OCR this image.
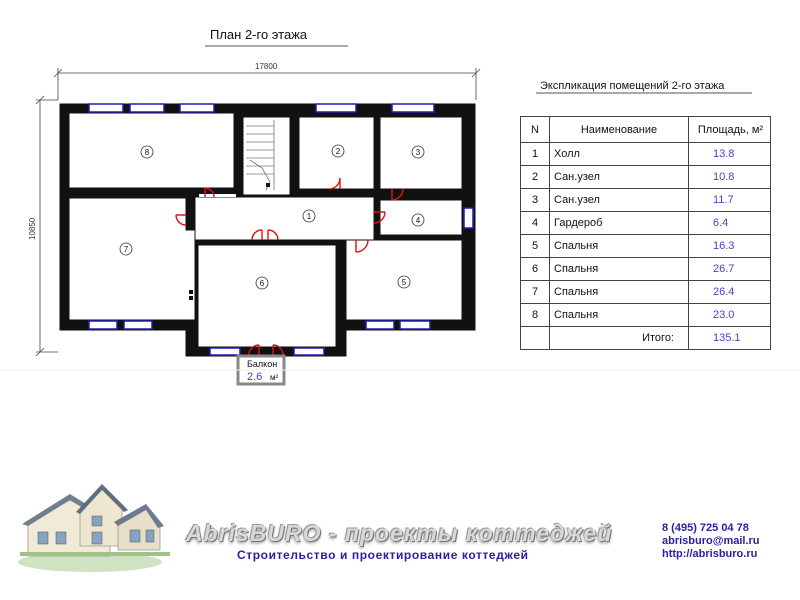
17800
10850
Балкон
2.6 м²
8	2	3
1	4
7
6	5
План 2-го этажа
Экспликация помещений 2-го этажа
N	Наименование	Площадь, м²
1	Холл	13.8
2	Сан.узел	10.8
3	Сан.узел	11.7
4	Гардероб	6.4
5	Спальня	16.3
6	Спальня	26.7
7	Спальня	26.4
8	Спальня	23.0
	Итого:	135.1
AbrisBURO - проекты коттеджей
Строительство и проектирование коттеджей
8 (495) 725 04 78
abrisburo@mail.ru
http://abrisburo.ru
